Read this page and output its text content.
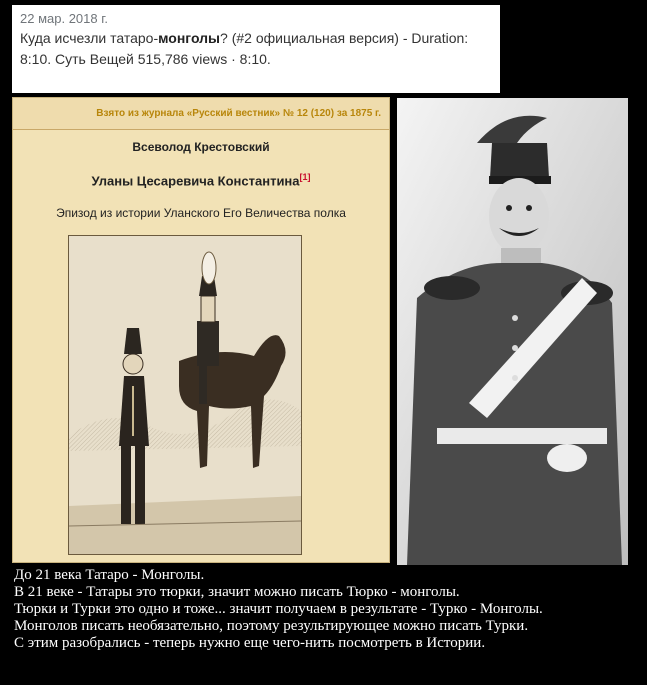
22 мар. 2018 г.
Куда исчезли татаро-монголы? (#2 официальная версия) - Duration:
8:10. Суть Вещей 515,786 views · 8:10.
Взято из журнала «Русский вестник» № 12 (120) за 1875 г.
Всеволод Крестовский
Уланы Цесаревича Константина[1]
Эпизод из истории Уланского Его Величества полка
До 21 века Татаро - Монголы.
В 21 веке - Татары это тюрки, значит можно писать Тюрко - монголы.
Тюрки и Турки это одно и тоже... значит получаем в результате - Турко - Монголы.
Монголов писать необязательно, поэтому результирующее можно писать Турки.
С этим разобрались - теперь нужно еще чего-нить посмотреть в Истории.
